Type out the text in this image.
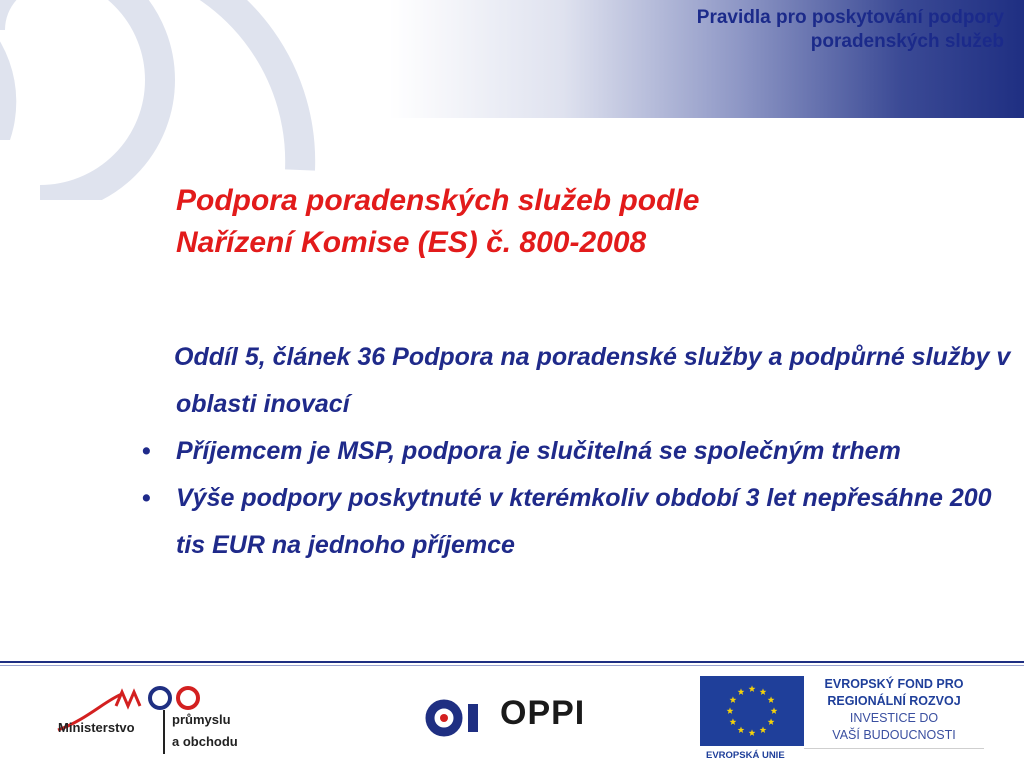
Pravidla pro poskytování podpory
poradenských služeb
Podpora poradenských služeb podle
Nařízení Komise (ES) č. 800-2008
Oddíl 5, článek 36 Podpora na poradenské služby a podpůrné služby v oblasti inovací
• Příjemcem je MSP, podpora je slučitelná se společným trhem
• Výše podpory poskytnuté v kterémkoliv období 3 let nepřesáhne 200 tis EUR na jednoho příjemce
Ministerstvo
průmyslu
a obchodu
OPPI
EVROPSKÝ FOND PRO
REGIONÁLNÍ ROZVOJ
INVESTICE DO
VAŠÍ BUDOUCNOSTI
EVROPSKÁ UNIE
